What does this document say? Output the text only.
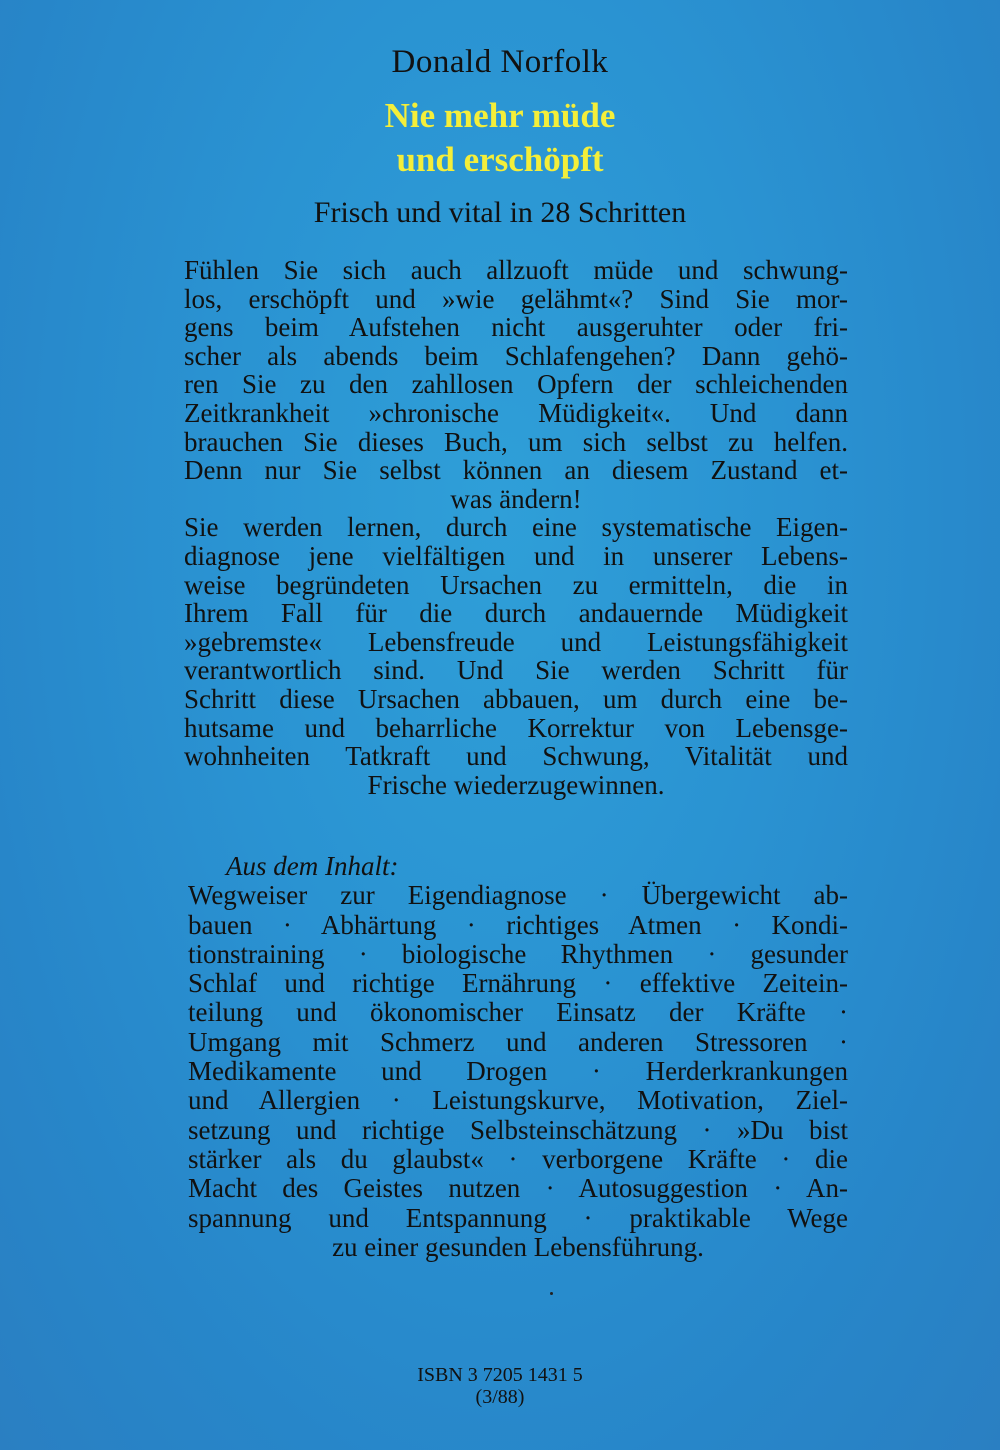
Donald Norfolk
Nie mehr müde
und erschöpft
Frisch und vital in 28 Schritten
Fühlen Sie sich auch allzuoft müde und schwung-
los, erschöpft und »wie gelähmt«? Sind Sie mor-
gens beim Aufstehen nicht ausgeruhter oder fri-
scher als abends beim Schlafengehen? Dann gehö-
ren Sie zu den zahllosen Opfern der schleichenden
Zeitkrankheit »chronische Müdigkeit«. Und dann
brauchen Sie dieses Buch, um sich selbst zu helfen.
Denn nur Sie selbst können an diesem Zustand et-
was ändern!
Sie werden lernen, durch eine systematische Eigen-
diagnose jene vielfältigen und in unserer Lebens-
weise begründeten Ursachen zu ermitteln, die in
Ihrem Fall für die durch andauernde Müdigkeit
»gebremste« Lebensfreude und Leistungsfähigkeit
verantwortlich sind. Und Sie werden Schritt für
Schritt diese Ursachen abbauen, um durch eine be-
hutsame und beharrliche Korrektur von Lebensge-
wohnheiten Tatkraft und Schwung, Vitalität und
Frische wiederzugewinnen.
Aus dem Inhalt:
Wegweiser zur Eigendiagnose · Übergewicht ab-
bauen · Abhärtung · richtiges Atmen · Kondi-
tionstraining · biologische Rhythmen · gesunder
Schlaf und richtige Ernährung · effektive Zeitein-
teilung und ökonomischer Einsatz der Kräfte ·
Umgang mit Schmerz und anderen Stressoren ·
Medikamente und Drogen · Herderkrankungen
und Allergien · Leistungskurve, Motivation, Ziel-
setzung und richtige Selbsteinschätzung · »Du bist
stärker als du glaubst« · verborgene Kräfte · die
Macht des Geistes nutzen · Autosuggestion · An-
spannung und Entspannung · praktikable Wege
zu einer gesunden Lebensführung.
ISBN 3 7205 1431 5
(3/88)
